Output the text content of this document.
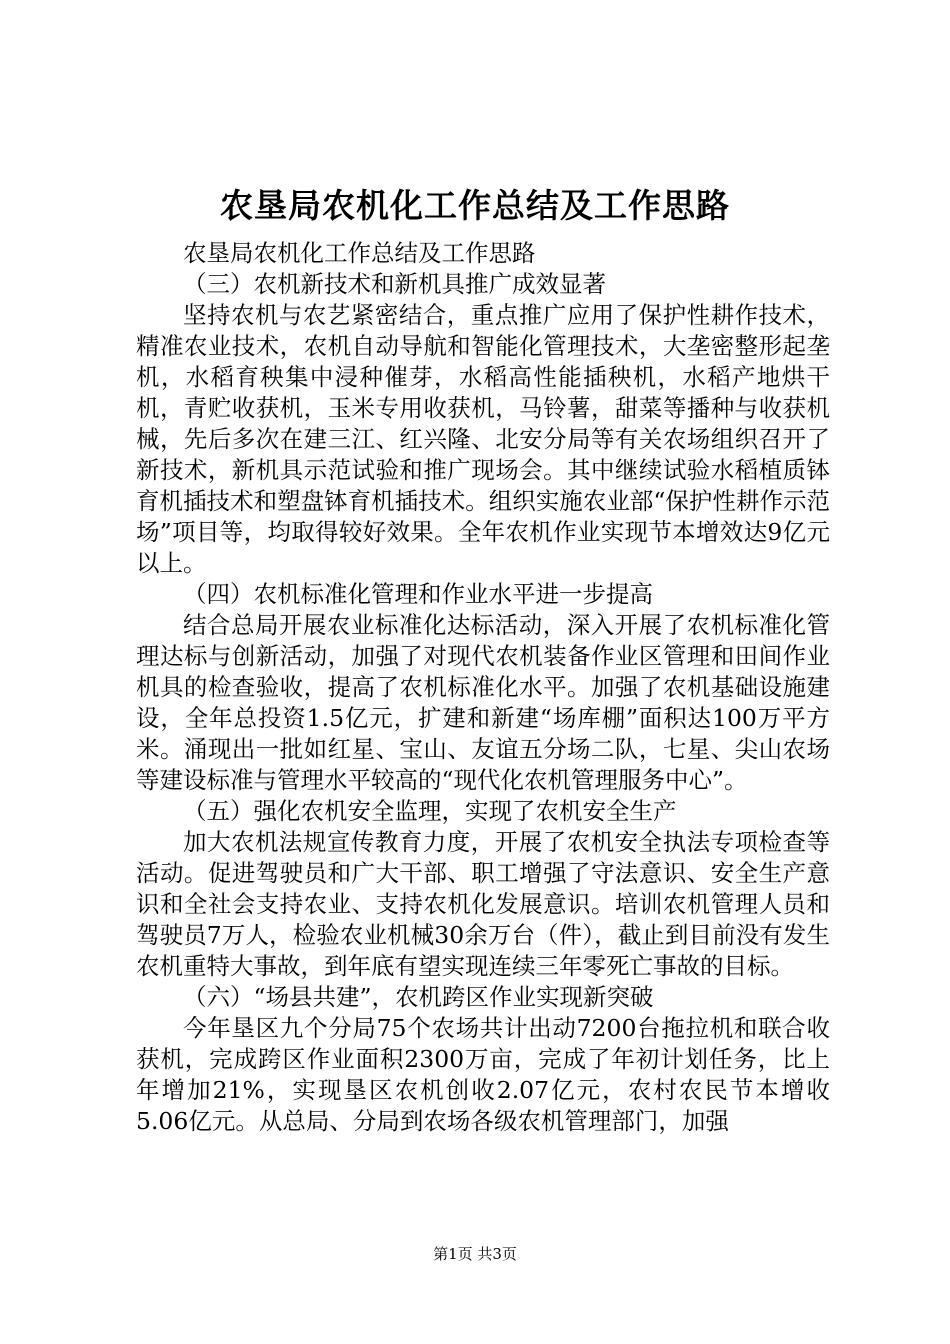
农垦局农机化工作总结及工作思路

农垦局农机化工作总结及工作思路

（三）农机新技术和新机具推广成效显著

坚持农机与农艺紧密结合，重点推广应用了保护性耕作技术，精准农业技术，农机自动导航和智能化管理技术，大垄密整形起垄机，水稻育秧集中浸种催芽，水稻高性能插秧机，水稻产地烘干机，青贮收获机，玉米专用收获机，马铃薯，甜菜等播种与收获机械，先后多次在建三江、红兴隆、北安分局等有关农场组织召开了新技术，新机具示范试验和推广现场会。其中继续试验水稻植质钵育机插技术和塑盘钵育机插技术。组织实施农业部“保护性耕作示范场”项目等，均取得较好效果。全年农机作业实现节本增效达9亿元以上。

（四）农机标准化管理和作业水平进一步提高

结合总局开展农业标准化达标活动，深入开展了农机标准化管理达标与创新活动，加强了对现代农机装备作业区管理和田间作业机具的检查验收，提高了农机标准化水平。加强了农机基础设施建设，全年总投资1.5亿元，扩建和新建“场库棚”面积达100万平方米。涌现出一批如红星、宝山、友谊五分场二队，七星、尖山农场等建设标准与管理水平较高的“现代化农机管理服务中心”。

（五）强化农机安全监理，实现了农机安全生产

加大农机法规宣传教育力度，开展了农机安全执法专项检查等活动。促进驾驶员和广大干部、职工增强了守法意识、安全生产意识和全社会支持农业、支持农机化发展意识。培训农机管理人员和驾驶员7万人，检验农业机械30余万台（件），截止到目前没有发生农机重特大事故，到年底有望实现连续三年零死亡事故的目标。

（六）“场县共建”，农机跨区作业实现新突破

今年垦区九个分局75个农场共计出动7200台拖拉机和联合收获机，完成跨区作业面积2300万亩，完成了年初计划任务，比上年增加21%，实现垦区农机创收2.07亿元，农村农民节本增收5.06亿元。从总局、分局到农场各级农机管理部门，加强

第1页 共3页
